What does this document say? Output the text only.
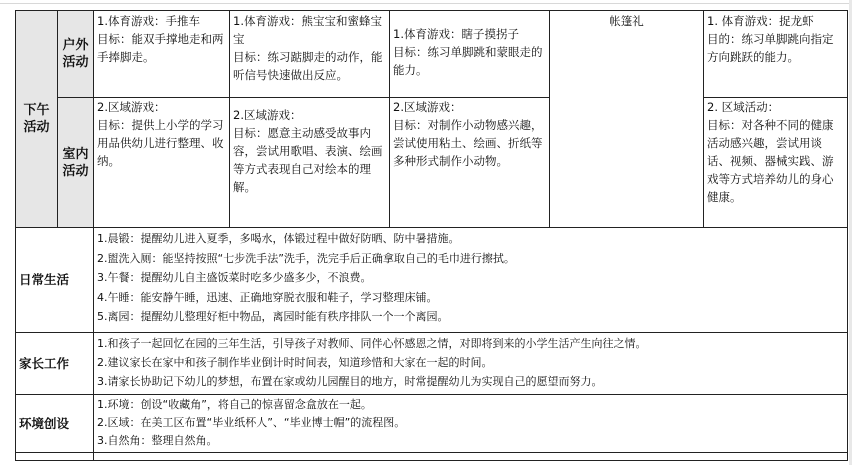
下午活动	户外活动	1.体育游戏：手推车
目标：能双手撑地走和两手捧脚走。	1.体育游戏：熊宝宝和蜜蜂宝宝
目标：练习踮脚走的动作，能听信号快速做出反应。	1.体育游戏：瞎子摸拐子
目标：练习单脚跳和蒙眼走的能力。	帐篷礼	1. 体育游戏：捉龙虾
目的：练习单脚跳向指定方向跳跃的能力。

	室内活动	2.区域游戏：
目标：提供上小学的学习用品供幼儿进行整理、收纳。	2.区域游戏：
目标：愿意主动感受故事内容，尝试用歌唱、表演、绘画等方式表现自己对绘本的理解。	2.区域游戏：
目标：对制作小动物感兴趣，尝试使用粘土、绘画、折纸等多种形式制作小动物。		2. 区域活动：
目标：对各种不同的健康活动感兴趣，尝试用谈话、视频、器械实践、游戏等方式培养幼儿的身心健康。

日常生活		1.晨锻：提醒幼儿进入夏季，多喝水，体锻过程中做好防晒、防中暑措施。
2.盥洗入厕：能坚持按照“七步洗手法”洗手，洗完手后正确拿取自己的毛巾进行擦拭。
3.午餐：提醒幼儿自主盛饭菜时吃多少盛多少，不浪费。
4.午睡：能安静午睡，迅速、正确地穿脱衣服和鞋子，学习整理床铺。
5.离园：提醒幼儿整理好柜中物品，离园时能有秩序排队一个一个离园。				

家长工作		1.和孩子一起回忆在园的三年生活，引导孩子对教师、同伴心怀感恩之情，对即将到来的小学生活产生向往之情。
2.建议家长在家中和孩子制作毕业倒计时时间表，知道珍惜和大家在一起的时间。
3.请家长协助记下幼儿的梦想，布置在家或幼儿园醒目的地方，时常提醒幼儿为实现自己的愿望而努力。				

环境创设		1.环境：创设“收藏角”，将自己的惊喜留念盒放在一起。
2.区域：在美工区布置“毕业纸杯人”、“毕业博士帽”的流程图。
3.自然角：整理自然角。				
